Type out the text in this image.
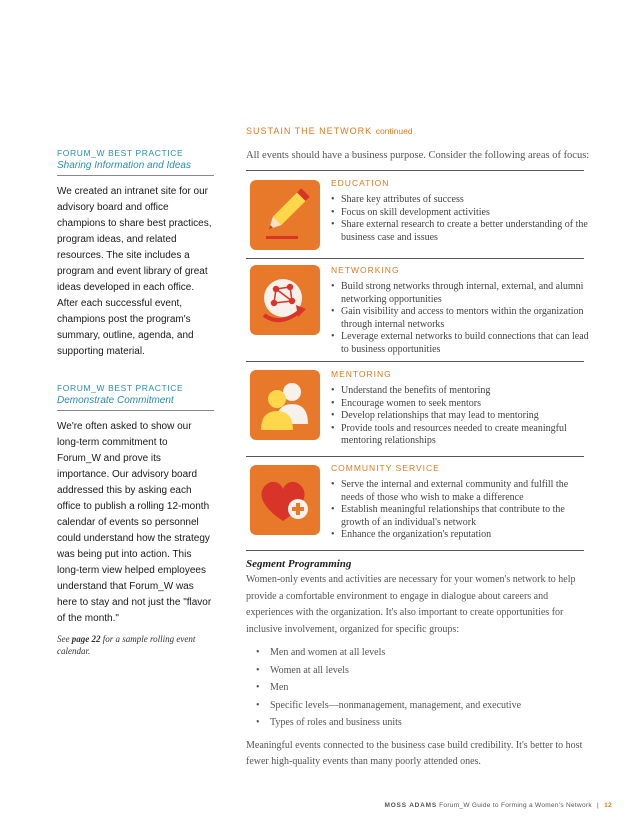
FORUM_W BEST PRACTICE
Sharing Information and Ideas
We created an intranet site for our advisory board and office champions to share best practices, program ideas, and related resources. The site includes a program and event library of great ideas developed in each office. After each successful event, champions post the program's summary, outline, agenda, and supporting material.
FORUM_W BEST PRACTICE
Demonstrate Commitment
We're often asked to show our long-term commitment to Forum_W and prove its importance. Our advisory board addressed this by asking each office to publish a rolling 12-month calendar of events so personnel could understand how the strategy was being put into action. This long-term view helped employees understand that Forum_W was here to stay and not just the "flavor of the month."
See page 22 for a sample rolling event calendar.
SUSTAIN THE NETWORK continued
All events should have a business purpose. Consider the following areas of focus:
EDUCATION
• Share key attributes of success
• Focus on skill development activities
• Share external research to create a better understanding of the business case and issues
NETWORKING
• Build strong networks through internal, external, and alumni networking opportunities
• Gain visibility and access to mentors within the organization through internal networks
• Leverage external networks to build connections that can lead to business opportunities
MENTORING
• Understand the benefits of mentoring
• Encourage women to seek mentors
• Develop relationships that may lead to mentoring
• Provide tools and resources needed to create meaningful mentoring relationships
COMMUNITY SERVICE
• Serve the internal and external community and fulfill the needs of those who wish to make a difference
• Establish meaningful relationships that contribute to the growth of an individual's network
• Enhance the organization's reputation
Segment Programming
Women-only events and activities are necessary for your women's network to help provide a comfortable environment to engage in dialogue about careers and experiences with the organization. It's also important to create opportunities for inclusive involvement, organized for specific groups:
• Men and women at all levels
• Women at all levels
• Men
• Specific levels—nonmanagement, management, and executive
• Types of roles and business units
Meaningful events connected to the business case build credibility. It's better to host fewer high-quality events than many poorly attended ones.
MOSS ADAMS Forum_W Guide to Forming a Women's Network | 12
